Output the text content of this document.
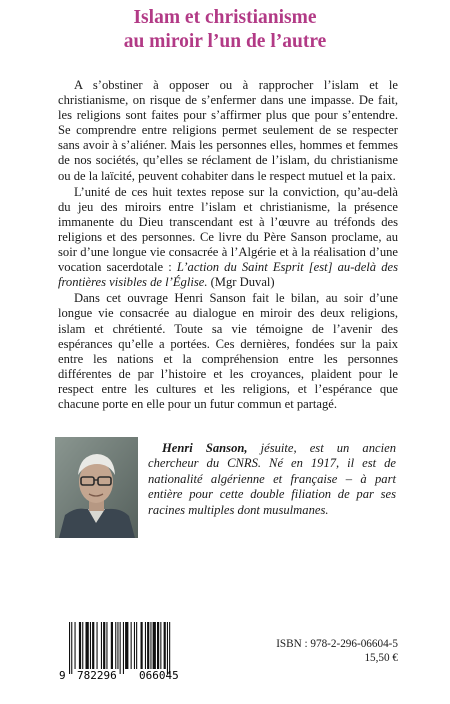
Islam et christianisme
au miroir l’un de l’autre

A s’obstiner à opposer ou à rapprocher l’islam et le christianisme, on risque de s’enfermer dans une impasse. De fait, les religions sont faites pour s’affirmer plus que pour s’entendre. Se comprendre entre religions permet seulement de se respecter sans avoir à s’aliéner. Mais les personnes elles, hommes et femmes de nos sociétés, qu’elles se réclament de l’islam, du christianisme ou de la laïcité, peuvent cohabiter dans le respect mutuel et la paix.

L’unité de ces huit textes repose sur la conviction, qu’au-delà du jeu des miroirs entre l’islam et christianisme, la présence immanente du Dieu transcendant est à l’œuvre au tréfonds des religions et des personnes. Ce livre du Père Sanson proclame, au soir d’une longue vie consacrée à l’Algérie et à la réalisation d’une vocation sacerdotale : L’action du Saint Esprit [est] au-delà des frontières visibles de l’Église. (Mgr Duval)

Dans cet ouvrage Henri Sanson fait le bilan, au soir d’une longue vie consacrée au dialogue en miroir des deux religions, islam et chrétienté. Toute sa vie témoigne de l’avenir des espérances qu’elle a portées. Ces dernières, fondées sur la paix entre les nations et la compréhension entre les personnes différentes de par l’histoire et les croyances, plaident pour le respect entre les cultures et les religions, et l’espérance que chacune porte en elle pour un futur commun et partagé.

Henri Sanson, jésuite, est un ancien chercheur du CNRS. Né en 1917, il est de nationalité algérienne et française – à part entière pour cette double filiation de par ses racines multiples dont musulmanes.
9 782296 066045
ISBN : 978-2-296-06604-5
15,50 €
